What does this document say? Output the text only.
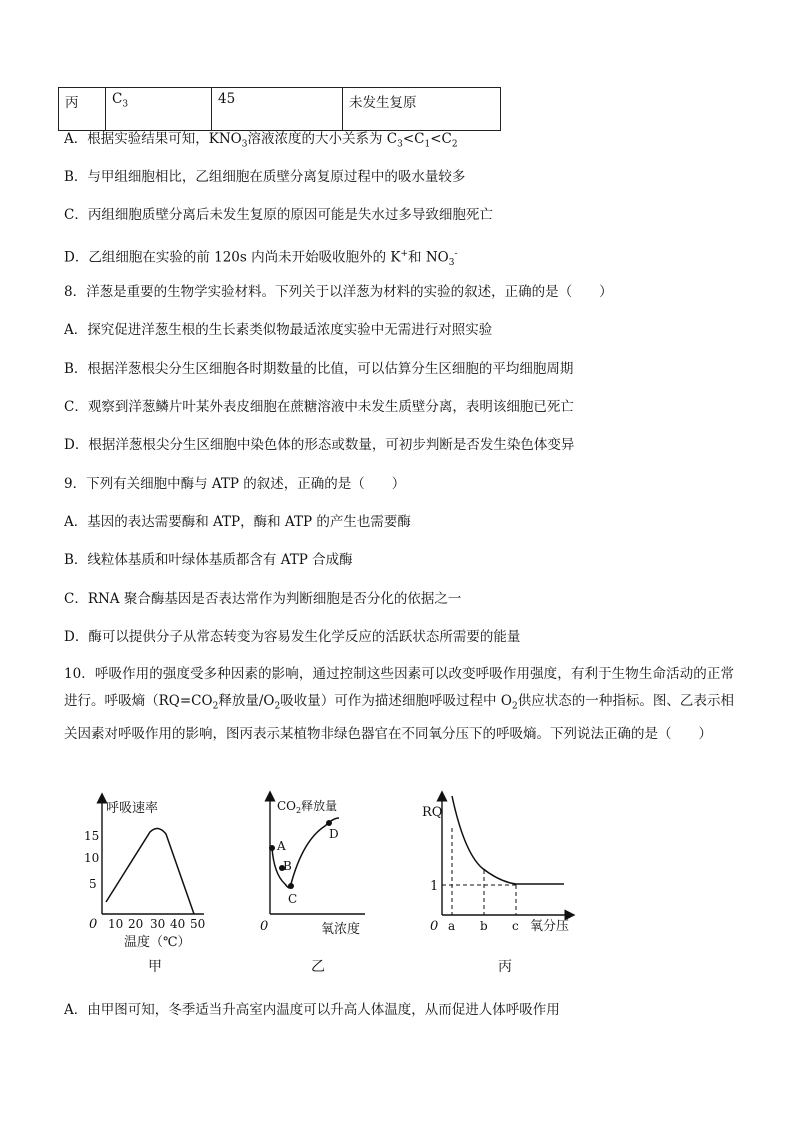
丙	$C_3$	45	未发生复原
A．根据实验结果可知，$KNO_3$溶液浓度的大小关系为 $C_3<C_1<C_2$
B．与甲组细胞相比，乙组细胞在质壁分离复原过程中的吸水量较多
C．丙组细胞质壁分离后未发生复原的原因可能是失水过多导致细胞死亡
D．乙组细胞在实验的前 120s 内尚未开始吸收胞外的 K+和 $NO_3^-$
8．洋葱是重要的生物学实验材料。下列关于以洋葱为材料的实验的叙述，正确的是（　　）
A．探究促进洋葱生根的生长素类似物最适浓度实验中无需进行对照实验
B．根据洋葱根尖分生区细胞各时期数量的比值，可以估算分生区细胞的平均细胞周期
C．观察到洋葱鳞片叶某外表皮细胞在蔗糖溶液中未发生质壁分离，表明该细胞已死亡
D．根据洋葱根尖分生区细胞中染色体的形态或数量，可初步判断是否发生染色体变异
9．下列有关细胞中酶与 ATP 的叙述，正确的是（　　）
A．基因的表达需要酶和 ATP，酶和 ATP 的产生也需要酶
B．线粒体基质和叶绿体基质都含有 ATP 合成酶
C．RNA 聚合酶基因是否表达常作为判断细胞是否分化的依据之一
D．酶可以提供分子从常态转变为容易发生化学反应的活跃状态所需要的能量
10．呼吸作用的强度受多种因素的影响，通过控制这些因素可以改变呼吸作用强度，有利于生物生命活动的正常进行。呼吸熵（$RQ=CO_2$释放量$/O_2$吸收量）可作为描述细胞呼吸过程中 $O_2$供应状态的一种指标。图、乙表示相关因素对呼吸作用的影响，图丙表示某植物非绿色器官在不同氧分压下的呼吸熵。下列说法正确的是（　　）
呼吸速率
15
10
5
0 10 20 30 40 50
温度（℃）
甲
$CO_2$释放量
A
B
C
D
0	氧浓度
乙
RQ
1
0 a b c 氧分压
丙
A．由甲图可知，冬季适当升高室内温度可以升高人体温度，从而促进人体呼吸作用
